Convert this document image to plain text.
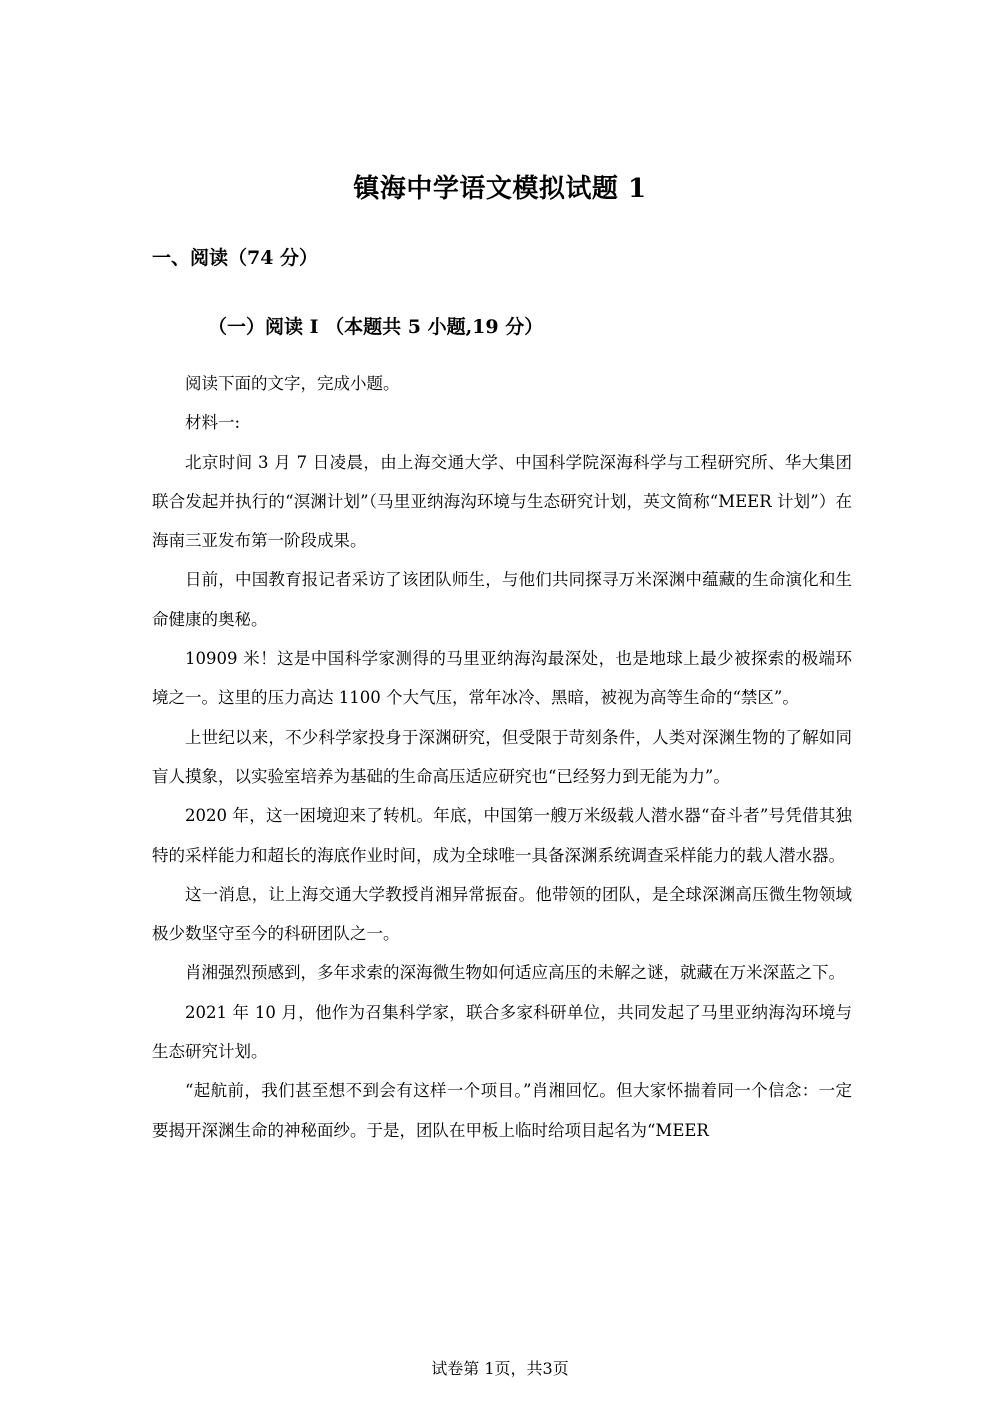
镇海中学语文模拟试题 1
一、阅读（74 分）
（一）阅读 I （本题共 5 小题,19 分）

阅读下面的文字，完成小题。

材料一:

北京时间 3 月 7 日凌晨，由上海交通大学、中国科学院深海科学与工程研究所、华大集团联合发起并执行的“溟渊计划”（马里亚纳海沟环境与生态研究计划，英文简称“MEER 计划”）在海南三亚发布第一阶段成果。

日前，中国教育报记者采访了该团队师生，与他们共同探寻万米深渊中蕴藏的生命演化和生命健康的奥秘。

10909 米！这是中国科学家测得的马里亚纳海沟最深处，也是地球上最少被探索的极端环境之一。这里的压力高达 1100 个大气压，常年冰冷、黑暗，被视为高等生命的“禁区”。

上世纪以来，不少科学家投身于深渊研究，但受限于苛刻条件，人类对深渊生物的了解如同盲人摸象，以实验室培养为基础的生命高压适应研究也“已经努力到无能为力”。

2020 年，这一困境迎来了转机。年底，中国第一艘万米级载人潜水器“奋斗者”号凭借其独特的采样能力和超长的海底作业时间，成为全球唯一具备深渊系统调查采样能力的载人潜水器。

这一消息，让上海交通大学教授肖湘异常振奋。他带领的团队，是全球深渊高压微生物领域极少数坚守至今的科研团队之一。

肖湘强烈预感到，多年求索的深海微生物如何适应高压的未解之谜，就藏在万米深蓝之下。

2021 年 10 月，他作为召集科学家，联合多家科研单位，共同发起了马里亚纳海沟环境与生态研究计划。

“起航前，我们甚至想不到会有这样一个项目。”肖湘回忆。但大家怀揣着同一个信念：一定要揭开深渊生命的神秘面纱。于是，团队在甲板上临时给项目起名为“MEER

试卷第 1页，共3页
